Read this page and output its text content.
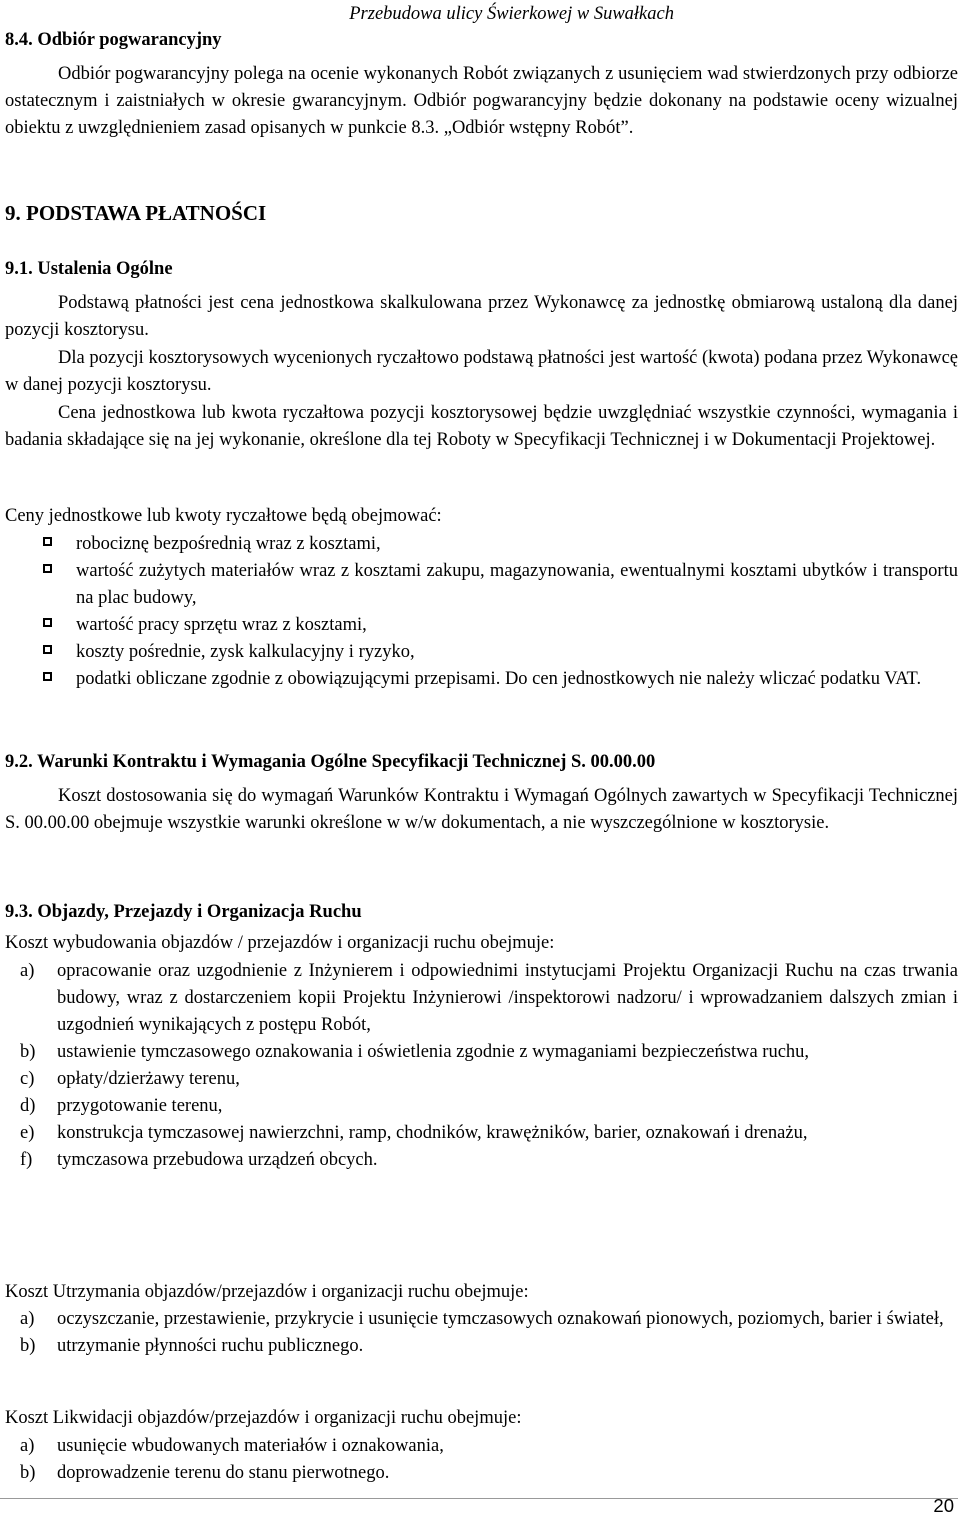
Przebudowa ulicy Świerkowej w Suwałkach
8.4. Odbiór pogwarancyjny

Odbiór pogwarancyjny polega na ocenie wykonanych Robót związanych z usunięciem wad stwierdzonych przy odbiorze ostatecznym i zaistniałych w okresie gwarancyjnym. Odbiór pogwarancyjny będzie dokonany na podstawie oceny wizualnej obiektu z uwzględnieniem zasad opisanych w punkcie 8.3. „Odbiór wstępny Robót”.

9. PODSTAWA PŁATNOŚCI
9.1. Ustalenia Ogólne

Podstawą płatności jest cena jednostkowa skalkulowana przez Wykonawcę za jednostkę obmiarową ustaloną dla danej pozycji kosztorysu.

Dla pozycji kosztorysowych wycenionych ryczałtowo podstawą płatności jest wartość (kwota) podana przez Wykonawcę w danej pozycji kosztorysu.

Cena jednostkowa lub kwota ryczałtowa pozycji kosztorysowej będzie uwzględniać wszystkie czynności, wymagania i badania składające się na jej wykonanie, określone dla tej Roboty w Specyfikacji Technicznej i w Dokumentacji Projektowej.

Ceny jednostkowe lub kwoty ryczałtowe będą obejmować:

robociznę bezpośrednią wraz z kosztami,
wartość zużytych materiałów wraz z kosztami zakupu, magazynowania, ewentualnymi kosztami ubytków i transportu na plac budowy,
wartość pracy sprzętu wraz z kosztami,
koszty pośrednie, zysk kalkulacyjny i ryzyko,
podatki obliczane zgodnie z obowiązującymi przepisami. Do cen jednostkowych nie należy wliczać podatku VAT.
9.2. Warunki Kontraktu i Wymagania Ogólne Specyfikacji Technicznej S. 00.00.00

Koszt dostosowania się do wymagań Warunków Kontraktu i Wymagań Ogólnych zawartych w Specyfikacji Technicznej S. 00.00.00 obejmuje wszystkie warunki określone w w/w dokumentach, a nie wyszczególnione w kosztorysie.

9.3. Objazdy, Przejazdy i Organizacja Ruchu

Koszt wybudowania objazdów / przejazdów i organizacji ruchu obejmuje:

a) opracowanie oraz uzgodnienie z Inżynierem i odpowiednimi instytucjami Projektu Organizacji Ruchu na czas trwania budowy, wraz z dostarczeniem kopii Projektu Inżynierowi /inspektorowi nadzoru/ i wprowadzaniem dalszych zmian i uzgodnień wynikających z postępu Robót,
b) ustawienie tymczasowego oznakowania i oświetlenia zgodnie z wymaganiami bezpieczeństwa ruchu,
c) opłaty/dzierżawy terenu,
d) przygotowanie terenu,
e) konstrukcja tymczasowej nawierzchni, ramp, chodników, krawężników, barier, oznakowań i drenażu,
f) tymczasowa przebudowa urządzeń obcych.

Koszt Utrzymania objazdów/przejazdów i organizacji ruchu obejmuje:

a) oczyszczanie, przestawienie, przykrycie i usunięcie tymczasowych oznakowań pionowych, poziomych, barier i świateł,
b) utrzymanie płynności ruchu publicznego.

Koszt Likwidacji objazdów/przejazdów i organizacji ruchu obejmuje:

a) usunięcie wbudowanych materiałów i oznakowania,
b) doprowadzenie terenu do stanu pierwotnego.
20
